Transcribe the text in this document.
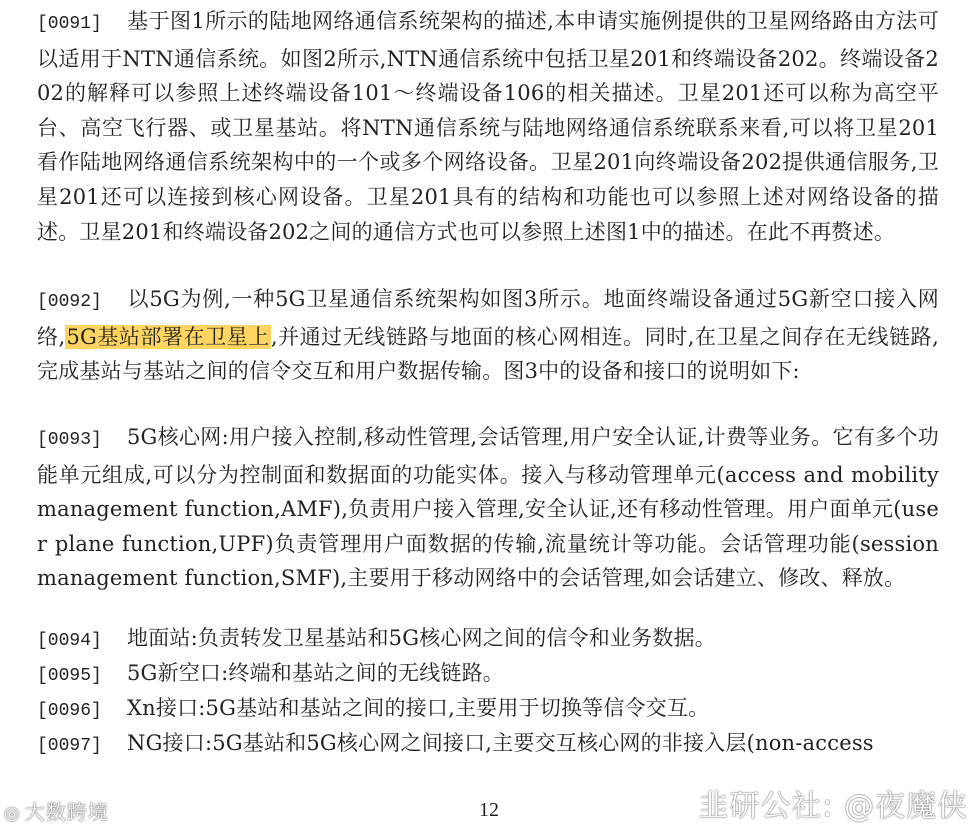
[0091] 基于图1所示的陆地网络通信系统架构的描述,本申请实施例提供的卫星网络路由方法可以适用于NTN通信系统。如图2所示,NTN通信系统中包括卫星201和终端设备202。终端设备202的解释可以参照上述终端设备101～终端设备106的相关描述。卫星201还可以称为高空平台、高空飞行器、或卫星基站。将NTN通信系统与陆地网络通信系统联系来看,可以将卫星201看作陆地网络通信系统架构中的一个或多个网络设备。卫星201向终端设备202提供通信服务,卫星201还可以连接到核心网设备。卫星201具有的结构和功能也可以参照上述对网络设备的描述。卫星201和终端设备202之间的通信方式也可以参照上述图1中的描述。在此不再赘述。

[0092] 以5G为例,一种5G卫星通信系统架构如图3所示。地面终端设备通过5G新空口接入网络,5G基站部署在卫星上,并通过无线链路与地面的核心网相连。同时,在卫星之间存在无线链路,完成基站与基站之间的信令交互和用户数据传输。图3中的设备和接口的说明如下:

[0093] 5G核心网:用户接入控制,移动性管理,会话管理,用户安全认证,计费等业务。它有多个功能单元组成,可以分为控制面和数据面的功能实体。接入与移动管理单元(access and mobility management function,AMF),负责用户接入管理,安全认证,还有移动性管理。用户面单元(user plane function,UPF)负责管理用户面数据的传输,流量统计等功能。会话管理功能(session management function,SMF),主要用于移动网络中的会话管理,如会话建立、修改、释放。

[0094] 地面站:负责转发卫星基站和5G核心网之间的信令和业务数据。

[0095] 5G新空口:终端和基站之间的无线链路。

[0096] Xn接口:5G基站和基站之间的接口,主要用于切换等信令交互。

[0097] NG接口:5G基站和5G核心网之间接口,主要交互核心网的非接入层(non-access

12
◎ 大数跨境	韭研公社: @夜魔侠
